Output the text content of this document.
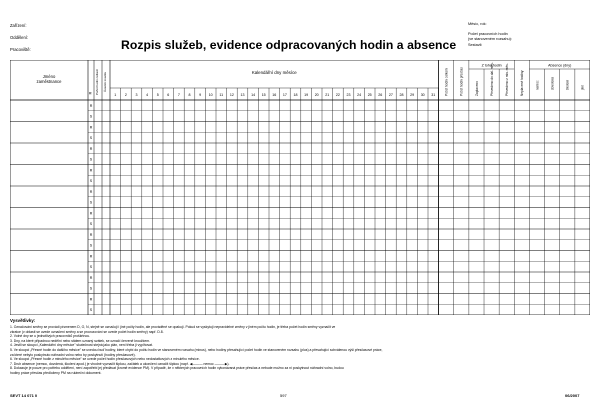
Zařízení:
Oddělení:
Pracoviště:	Rozpis služeb, evidence odpracovaných hodin a absence
Měsíc, rok:
Počet pracovních hodin
(ve stanoveném rozsahu):
Sestavil:
Jméno
zaměstnance
R Počet hodin celkem	Úvazek úvazku	Kalendářní dny měsíce
1 2 3 4 5 6 7 8 9 10 11 12 13 14 15 16 17 18 19 20 21 22 23 24 25 26 27 28 29 30 31
Z toho hodin	Absence (dny)
Počet hodin celkem	Počet hodin přesčas	Zaplaceno	Převedeno do dal. měs.	Převedeno z min. měs.	Neplacené hodiny	nemoc	dovolená	školení	jiné
R
S
R
S
R
S
R
S
R
S
R
S
R
S
R
S
R
S
R
S
Vysvětlivky:
1. Označování směny se provádí písmenem D, O, N, stejně se označují i jiné počty hodin, ale prováděné se opakují. Pokud se vyskytují nepravidelné změny v jiném počtu hodin, je třeba počet hodin směny vyznačit ve
zkratce (v oblasti se uvede označení směny a se provozování se uvede počet hodin směny) např. D.8.
2. Volné dny se u jednotlivých pracovníků proškrtnou.
3. Dny, na které připadnou nedělní nebo státem uznaný svátek, se označí červeně kroužkem.
4. Jestli se sloupci „Kalendářní dny měsíce" skutečnost stejná jako plán, není třeba ji vyplňovat.
5. Ve sloupci „Přesné hodin do dalšího měsíce" se uvedou buď hodiny, které chybí do počtu hodin ve stanoveném rozsahu (minus), nebo hodiny přesahující počet hodin ve stanoveném rozsahu (plus) a přesahující schválenou výši přesčasové práce,
za které nebylo poskytnuto náhradní volno nebo by poskytnutí (hodiny přesčasové).
6. Ve sloupci „Přesné hodin z minulého měsíce" se uvede počet hodin přesčasových nebo nedostatkových z minulého měsíce.
7. Druh absence (nemoc, dovolená, školení apod.) je vhodné vyznačit šipkou, začátek a ukončení označit šipkou (např. ◀——— nemoc ———▶).
8. Dokazuje je pouze pro potřebu oddělení, není zapotřebí jej předávat (kromě evidence PM). V případě, že v některých pracovních hodin vykonávaná práce přesčas a nebude možno za ni poskytnout náhradní volno, budou
hodiny práce přesčas předloženy PM na ruláreční dokument.
SEVT 14 071 0	597	06/2007
